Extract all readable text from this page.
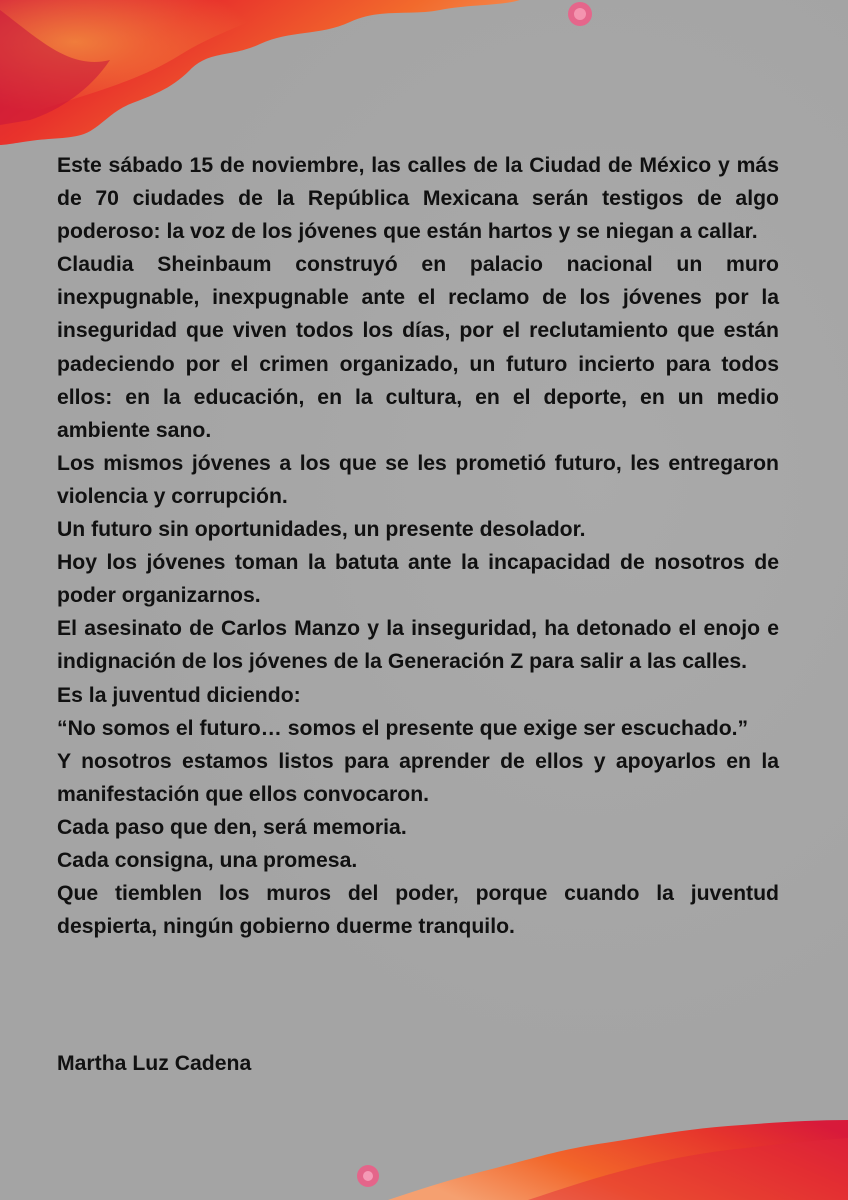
Este sábado 15 de noviembre, las calles de la Ciudad de México y más de 70 ciudades de la República Mexicana serán testigos de algo poderoso: la voz de los jóvenes que están hartos y se niegan a callar.

Claudia Sheinbaum construyó en palacio nacional un muro inexpugnable, inexpugnable ante el reclamo de los jóvenes por la inseguridad que viven todos los días, por el reclutamiento que están padeciendo por el crimen organizado, un futuro incierto para todos ellos: en la educación, en la cultura, en el deporte, en un medio ambiente sano.

Los mismos jóvenes a los que se les prometió futuro, les entregaron violencia y corrupción.

Un futuro sin oportunidades, un presente desolador.

Hoy los jóvenes toman la batuta ante la incapacidad de nosotros de poder organizarnos.

El asesinato de Carlos Manzo y la inseguridad, ha detonado el enojo e indignación de los jóvenes de la Generación Z para salir a las calles.

Es la juventud diciendo:

“No somos el futuro… somos el presente que exige ser escuchado.”

Y nosotros estamos listos para aprender de ellos y apoyarlos en la manifestación que ellos convocaron.

Cada paso que den, será memoria.

Cada consigna, una promesa.

Que tiemblen los muros del poder, porque cuando la juventud despierta, ningún gobierno duerme tranquilo.

Martha Luz Cadena
